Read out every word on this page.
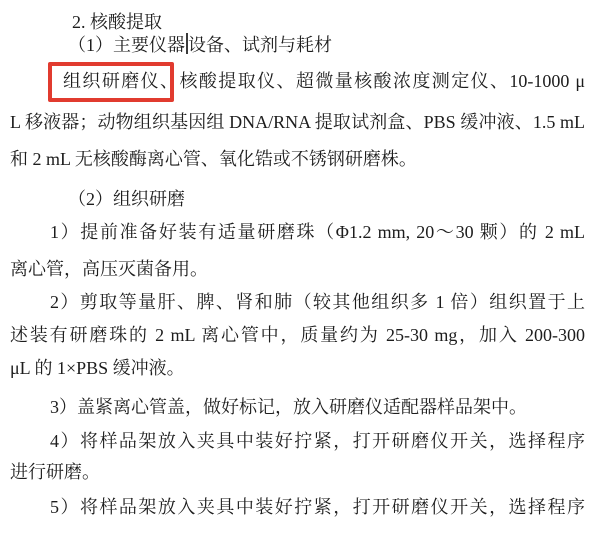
2. 核酸提取
（1）主要仪器 设备、试剂与耗材
组织研磨仪、核酸提取仪、超微量核酸浓度测定仪、10-1000 μ
L 移液器；动物组织基因组 DNA/RNA 提取试剂盒、PBS 缓冲液、1.5 mL
和 2 mL 无核酸酶离心管、氧化锆或不锈钢研磨株。
（2）组织研磨
1）提前准备好装有适量研磨珠（Φ1.2 mm, 20～30 颗）的 2 mL
离心管，高压灭菌备用。
2）剪取等量肝、脾、肾和肺（较其他组织多 1 倍）组织置于上
述装有研磨珠的 2 mL 离心管中，质量约为 25-30 mg，加入 200-300
μL 的 1×PBS 缓冲液。
3）盖紧离心管盖，做好标记，放入研磨仪适配器样品架中。
4）将样品架放入夹具中装好拧紧，打开研磨仪开关，选择程序
进行研磨。
5）将样品架放入夹具中装好拧紧，打开研磨仪开关，选择程序
